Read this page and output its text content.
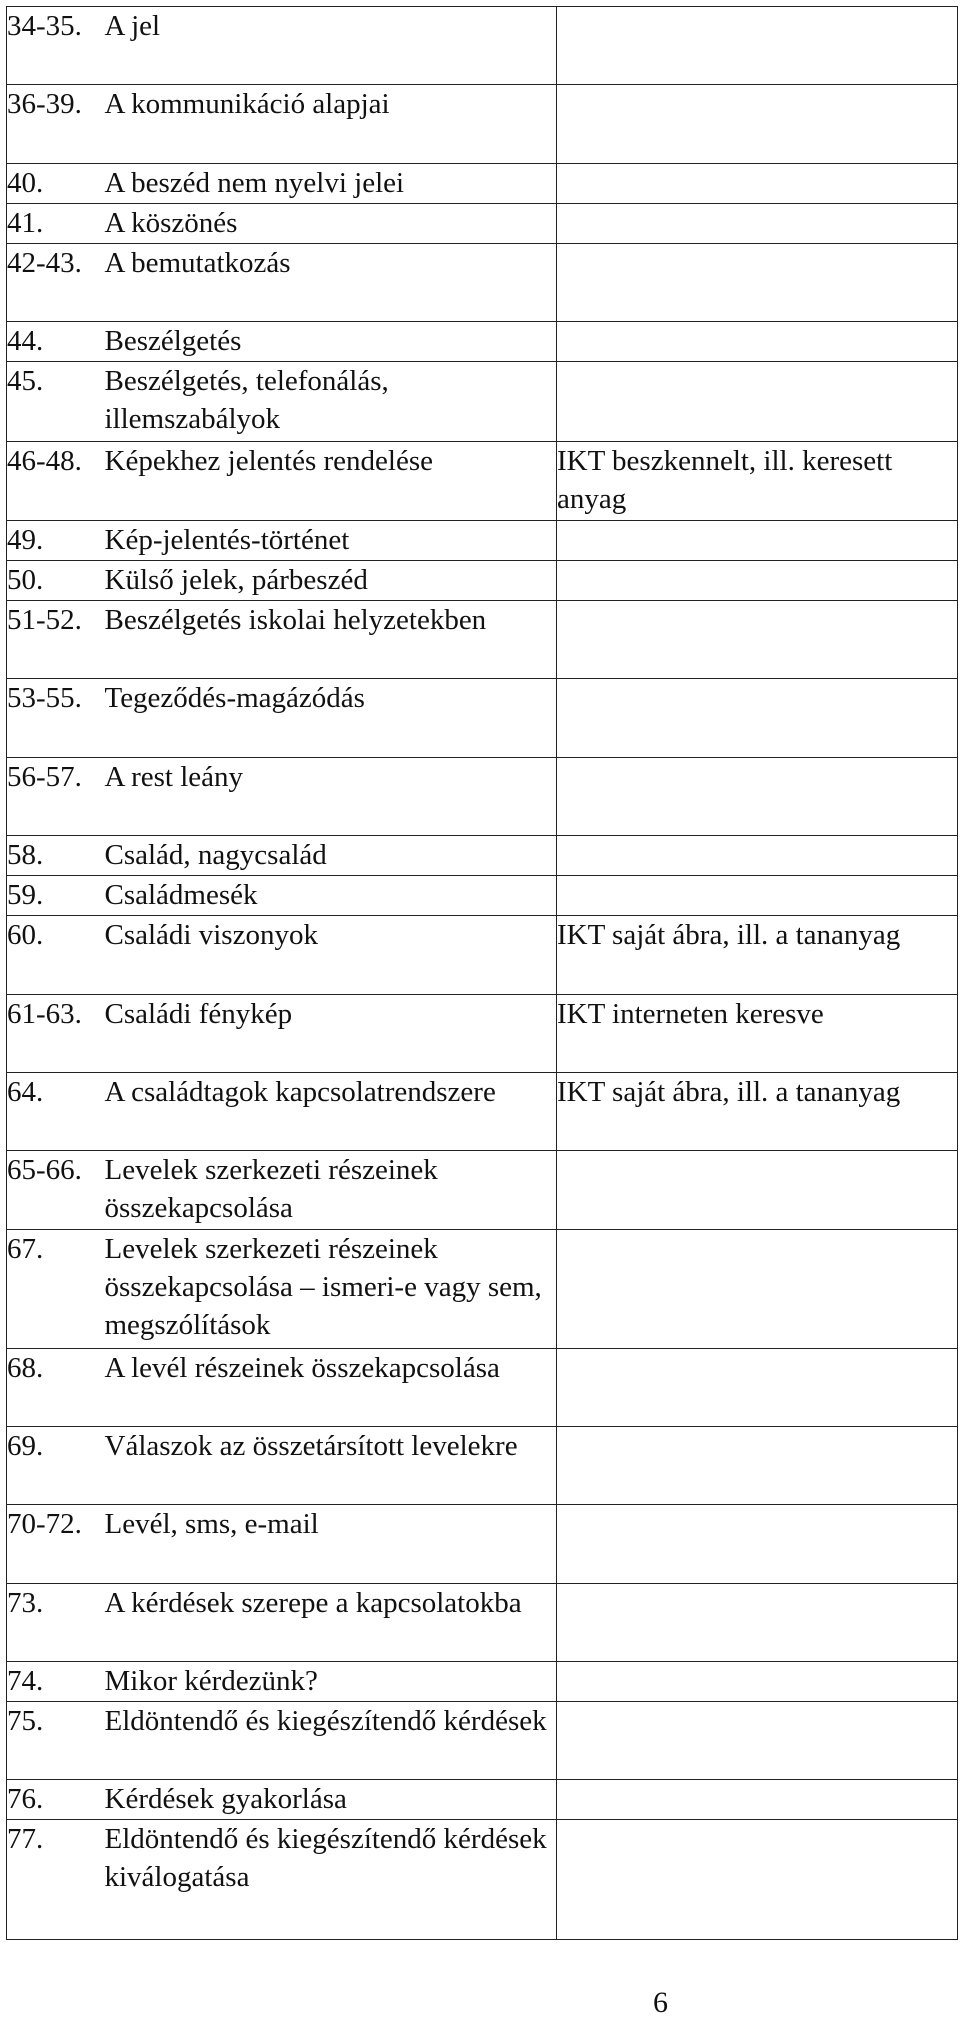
34-35.	A jel	

36-39.	A kommunikáció alapjai	

40.	A beszéd nem nyelvi jelei	

41.	A köszönés	

42-43.	A bemutatkozás	

44.	Beszélgetés	

45.	Beszélgetés, telefonálás, illemszabályok	

46-48.	Képekhez jelentés rendelése	IKT beszkennelt, ill. keresett anyag

49.	Kép-jelentés-történet	

50.	Külső jelek, párbeszéd	

51-52.	Beszélgetés iskolai helyzetekben	

53-55.	Tegeződés-magázódás	

56-57.	A rest leány	

58.	Család, nagycsalád	

59.	Családmesék	

60.	Családi viszonyok	IKT saját ábra, ill. a tananyag

61-63.	Családi fénykép	IKT interneten keresve

64.	A családtagok kapcsolatrendszere	IKT saját ábra, ill. a tananyag

65-66.	Levelek szerkezeti részeinek összekapcsolása	

67.	Levelek szerkezeti részeinek összekapcsolása – ismeri-e vagy sem, megszólítások	

68.	A levél részeinek összekapcsolása	

69.	Válaszok az összetársított levelekre	

70-72.	Levél, sms, e-mail	

73.	A kérdések szerepe a kapcsolatokba	

74.	Mikor kérdezünk?	

75.	Eldöntendő és kiegészítendő kérdések	

76.	Kérdések gyakorlása	

77.	Eldöntendő és kiegészítendő kérdések kiválogatása	
6
